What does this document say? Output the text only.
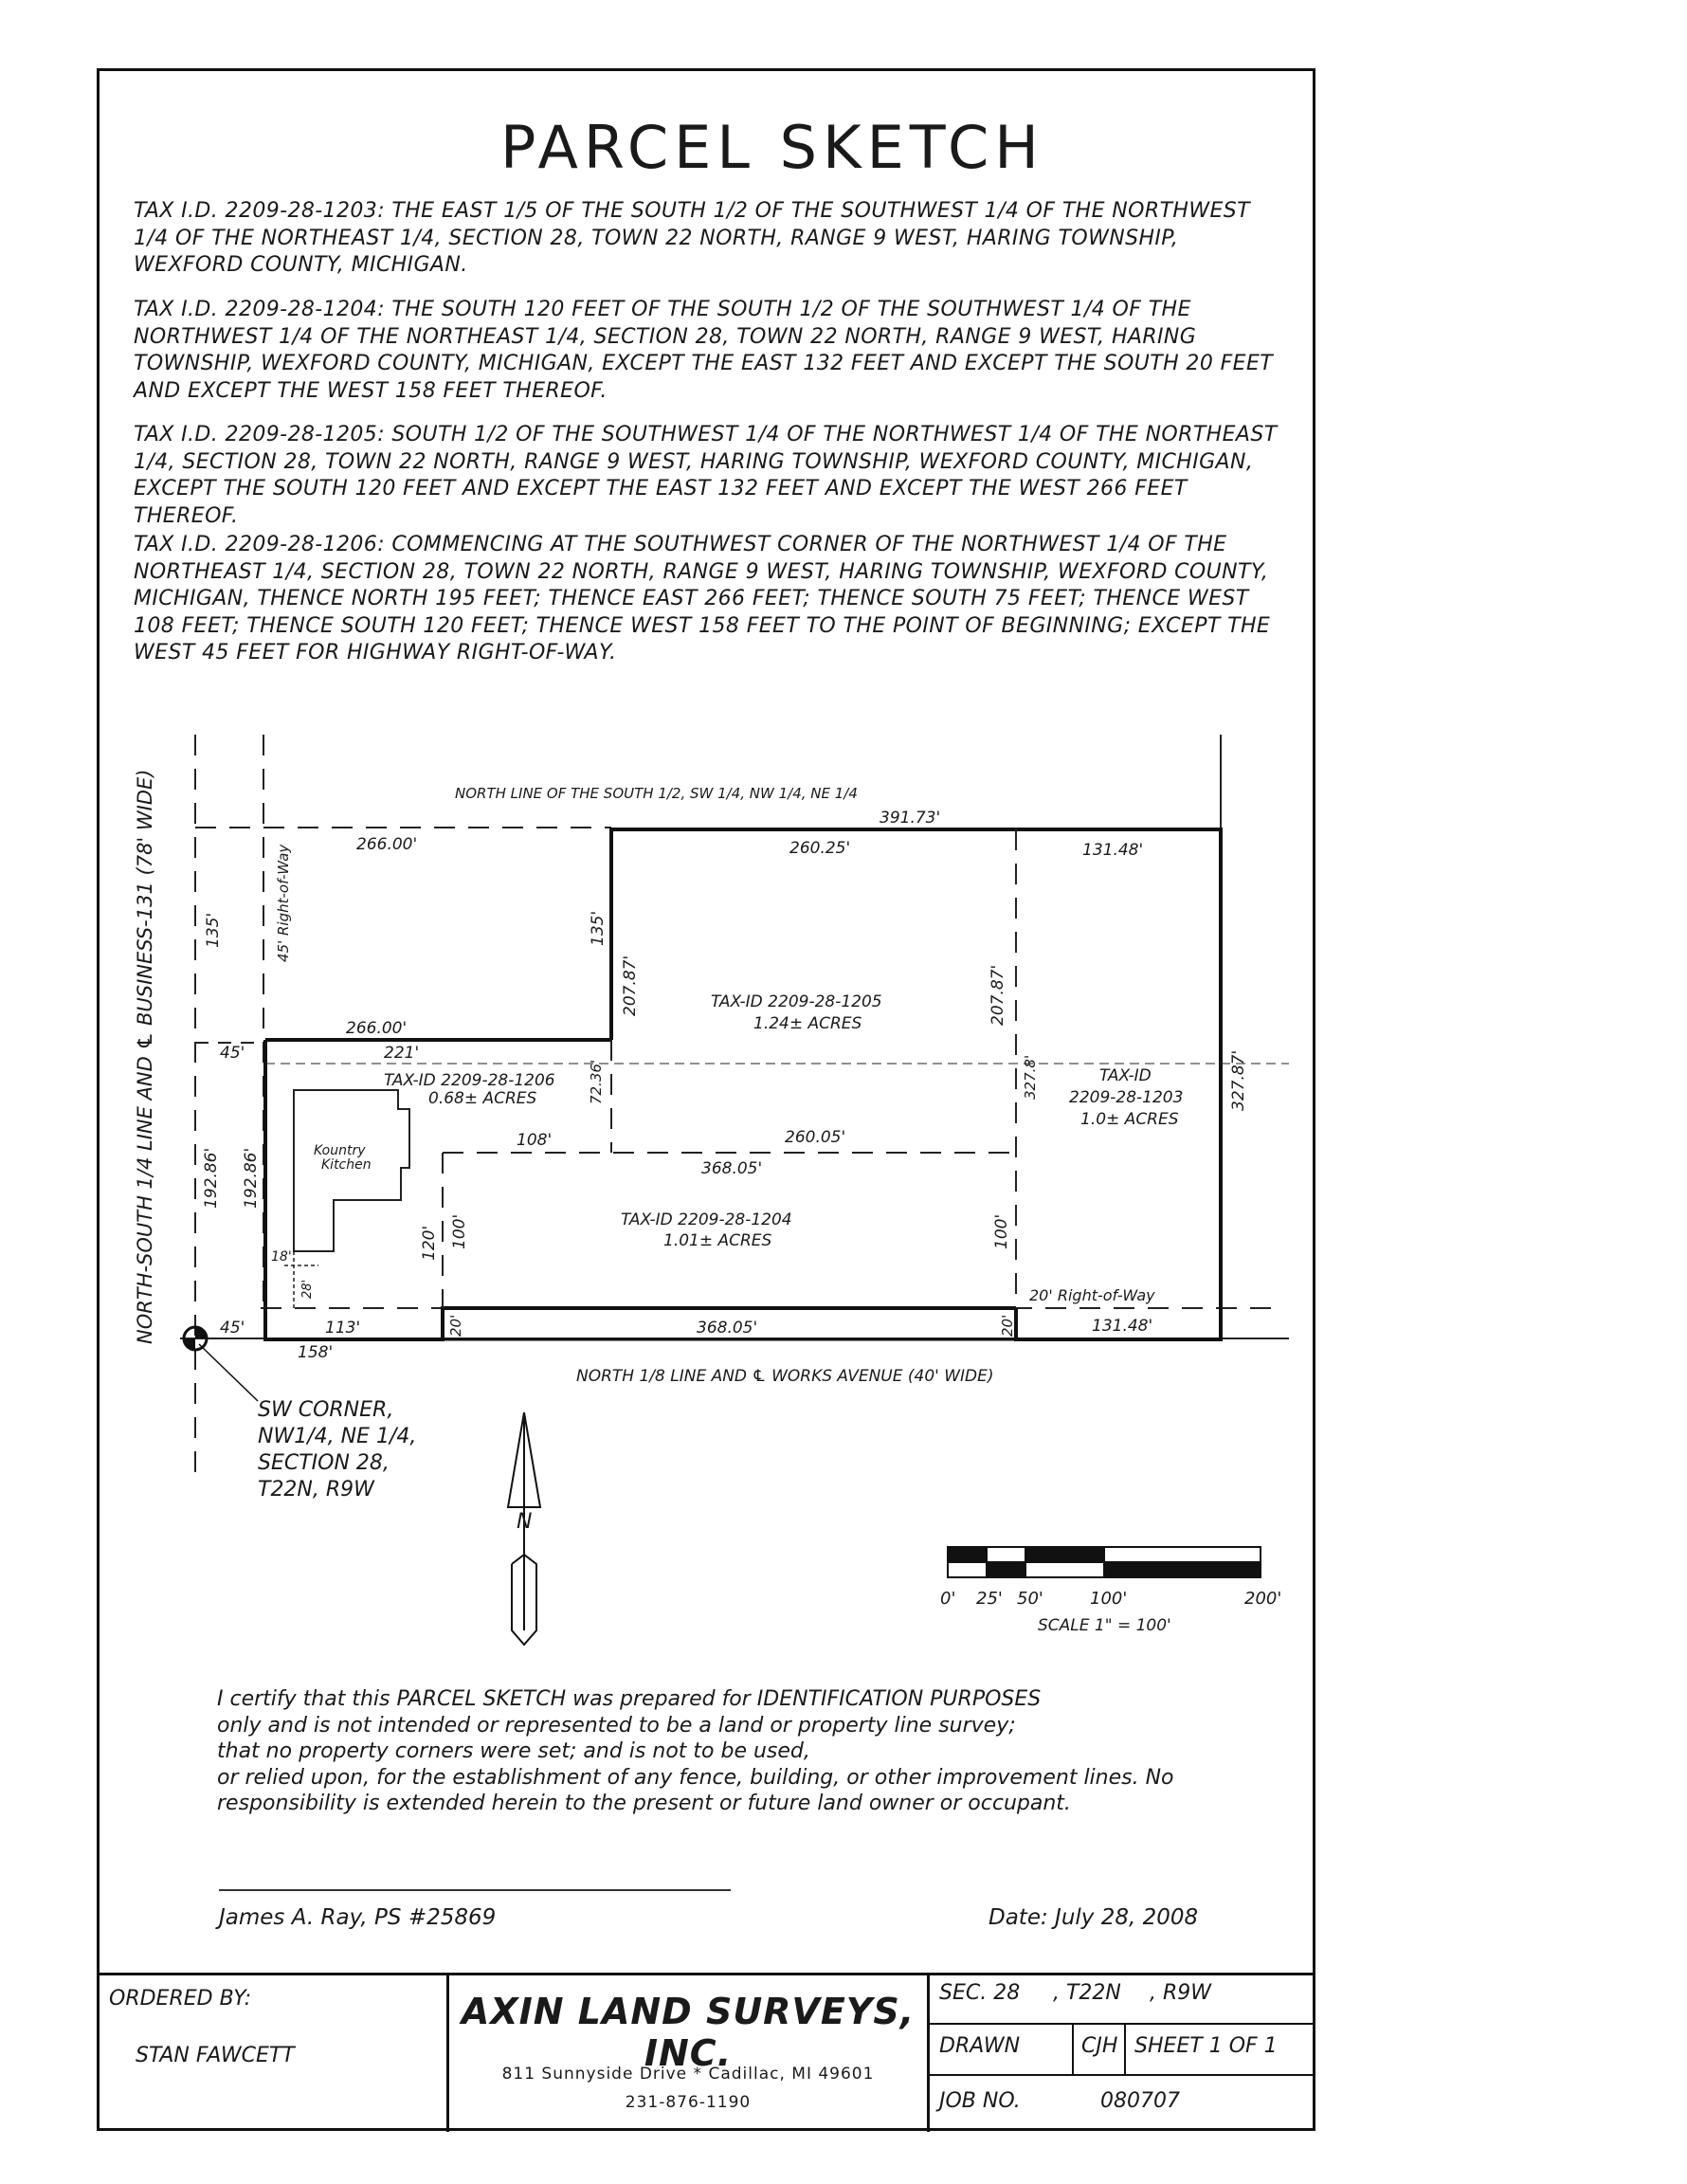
PARCEL SKETCH

TAX I.D. 2209-28-1203: THE EAST 1/5 OF THE SOUTH 1/2 OF THE SOUTHWEST 1/4 OF THE NORTHWEST 1/4 OF THE NORTHEAST 1/4, SECTION 28, TOWN 22 NORTH, RANGE 9 WEST, HARING TOWNSHIP, WEXFORD COUNTY, MICHIGAN.

TAX I.D. 2209-28-1204: THE SOUTH 120 FEET OF THE SOUTH 1/2 OF THE SOUTHWEST 1/4 OF THE NORTHWEST 1/4 OF THE NORTHEAST 1/4, SECTION 28, TOWN 22 NORTH, RANGE 9 WEST, HARING TOWNSHIP, WEXFORD COUNTY, MICHIGAN, EXCEPT THE EAST 132 FEET AND EXCEPT THE SOUTH 20 FEET AND EXCEPT THE WEST 158 FEET THEREOF.

TAX I.D. 2209-28-1205: SOUTH 1/2 OF THE SOUTHWEST 1/4 OF THE NORTHWEST 1/4 OF THE NORTHEAST 1/4, SECTION 28, TOWN 22 NORTH, RANGE 9 WEST, HARING TOWNSHIP, WEXFORD COUNTY, MICHIGAN, EXCEPT THE SOUTH 120 FEET AND EXCEPT THE EAST 132 FEET AND EXCEPT THE WEST 266 FEET THEREOF.

TAX I.D. 2209-28-1206: COMMENCING AT THE SOUTHWEST CORNER OF THE NORTHWEST 1/4 OF THE NORTHEAST 1/4, SECTION 28, TOWN 22 NORTH, RANGE 9 WEST, HARING TOWNSHIP, WEXFORD COUNTY, MICHIGAN, THENCE NORTH 195 FEET; THENCE EAST 266 FEET; THENCE SOUTH 75 FEET; THENCE WEST 108 FEET; THENCE SOUTH 120 FEET; THENCE WEST 158 FEET TO THE POINT OF BEGINNING; EXCEPT THE WEST 45 FEET FOR HIGHWAY RIGHT-OF-WAY.

I certify that this PARCEL SKETCH was prepared for IDENTIFICATION PURPOSES
only and is not intended or represented to be a land or property line survey;
that no property corners were set; and is not to be used,
or relied upon, for the establishment of any fence, building, or other improvement lines. No
responsibility is extended herein to the present or future land owner or occupant.
James A. Ray, PS #25869	Date: July 28, 2008
ORDERED BY:
STAN FAWCETT
AXIN LAND SURVEYS, INC.
811 Sunnyside Drive * Cadillac, MI 49601
231-876-1190
SEC. 28 , T22N , R9W
DRAWN	CJH SHEET 1 OF 1
JOB NO.	080707
N
0' 25' 50'	100'	200'
SCALE 1" = 100'
NORTH LINE OF THE SOUTH 1/2, SW 1/4, NW 1/4, NE 1/4
NORTH 1/8 LINE AND ℄ WORKS AVENUE (40' WIDE)
NORTH-SOUTH 1/4 LINE AND ℄ BUSINESS-131 (78' WIDE)	45' Right-of-Way
20' Right-of-Way
SW CORNER,
NW1/4, NE 1/4,
SECTION 28,
T22N, R9W
Kountry
Kitchen
TAX-ID 2209-28-1205
1.24± ACRES
TAX-ID 2209-28-1206
0.68± ACRES
TAX-ID
2209-28-1203
1.0± ACRES
TAX-ID 2209-28-1204
1.01± ACRES
391.73'
266.00'	260.25'	131.48'
266.00'
221'
108'	260.05'
368.05'
113'
158'
368.05'	131.48'
45'
45'
18'
28'
135'	135'
207.87'	207.87'
72.36'	327.8'	327.87'
192.86' 192.86'
120' 100'	100'
20'	20'
